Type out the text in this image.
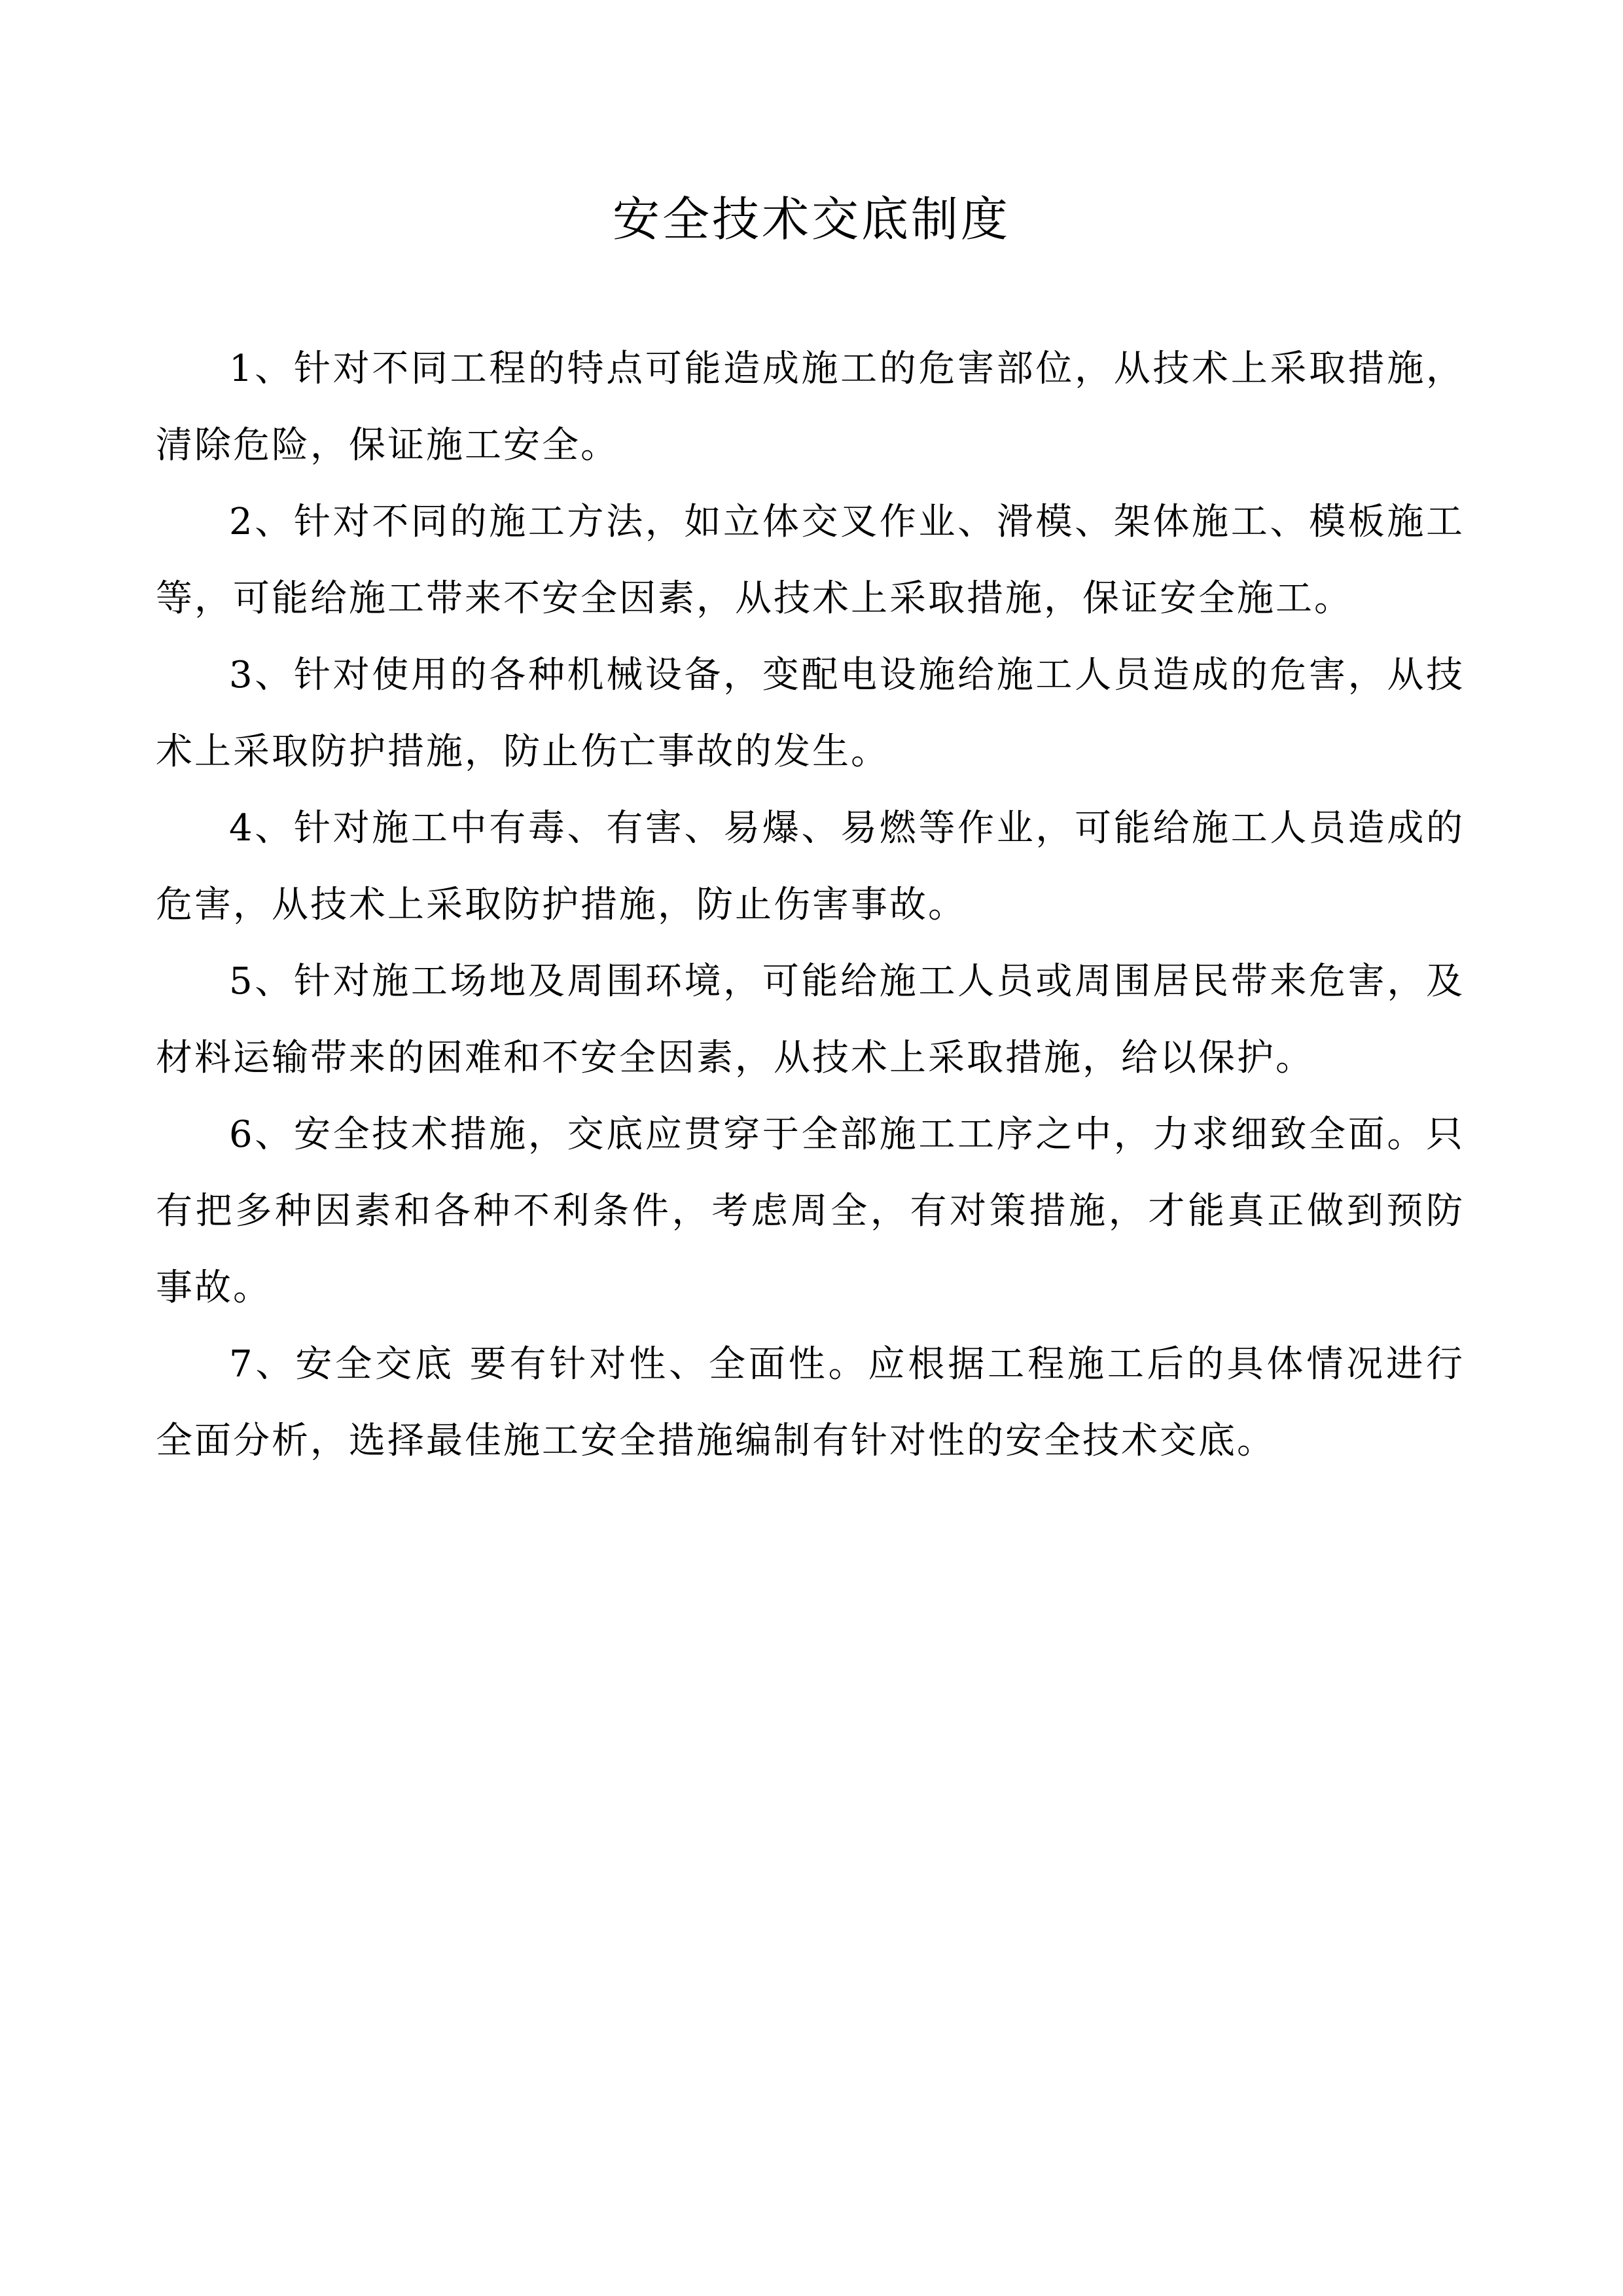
安全技术交底制度

1、针对不同工程的特点可能造成施工的危害部位，从技术上采取措施，清除危险，保证施工安全。

2、针对不同的施工方法，如立体交叉作业、滑模、架体施工、模板施工等，可能给施工带来不安全因素，从技术上采取措施，保证安全施工。

3、针对使用的各种机械设备，变配电设施给施工人员造成的危害，从技术上采取防护措施，防止伤亡事故的发生。

4、针对施工中有毒、有害、易爆、易燃等作业，可能给施工人员造成的危害，从技术上采取防护措施，防止伤害事故。

5、针对施工场地及周围环境，可能给施工人员或周围居民带来危害，及材料运输带来的困难和不安全因素，从技术上采取措施，给以保护。

6、安全技术措施，交底应贯穿于全部施工工序之中，力求细致全面。只有把多种因素和各种不利条件，考虑周全，有对策措施，才能真正做到预防事故。

7、安全交底 要有针对性、全面性。应根据工程施工后的具体情况进行全面分析，选择最佳施工安全措施编制有针对性的安全技术交底。
